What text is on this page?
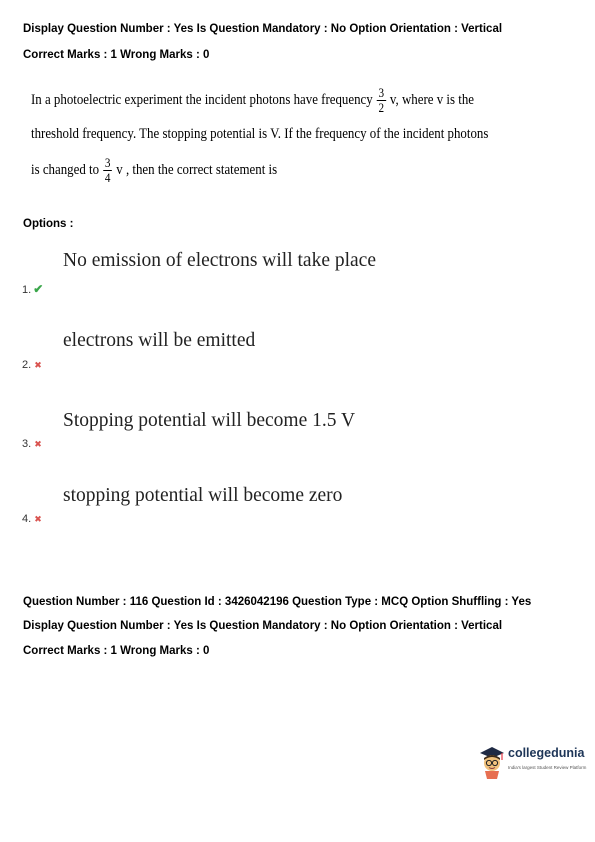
Display Question Number : Yes Is Question Mandatory : No Option Orientation : Vertical
Correct Marks : 1 Wrong Marks : 0
In a photoelectric experiment the incident photons have frequency $\frac{3}{2} v$, where v is the
threshold frequency. The stopping potential is V. If the frequency of the incident photons
is changed to $\frac{3}{4}$ v , then the correct statement is
Options :
No emission of electrons will take place
1. ✔
electrons will be emitted
2. ✖
Stopping potential will become 1.5 V
3. ✖
stopping potential will become zero
4. ✖
Question Number : 116 Question Id : 3426042196 Question Type : MCQ Option Shuffling : Yes
Display Question Number : Yes Is Question Mandatory : No Option Orientation : Vertical
Correct Marks : 1 Wrong Marks : 0
collegedunia
India's largest Student Review Platform
